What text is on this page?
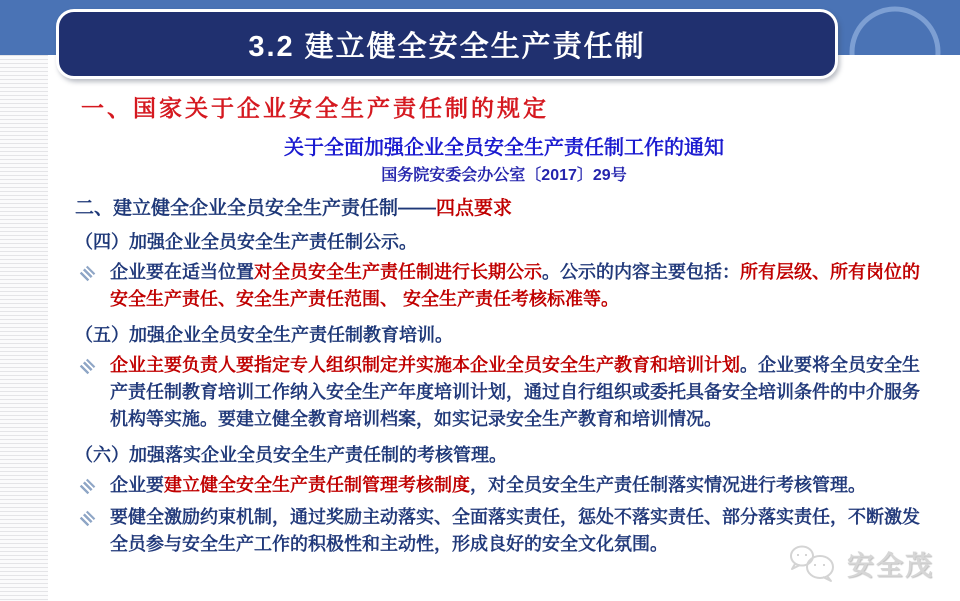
3.2 建立健全安全生产责任制
一、国家关于企业安全生产责任制的规定
关于全面加强企业全员安全生产责任制工作的通知
国务院安委会办公室〔2017〕29号
二、建立健全企业全员安全生产责任制——四点要求
（四）加强企业全员安全生产责任制公示。
企业要在适当位置对全员安全生产责任制进行长期公示。公示的内容主要包括：所有层级、所有岗位的安全生产责任、安全生产责任范围、 安全生产责任考核标准等。
（五）加强企业全员安全生产责任制教育培训。
企业主要负责人要指定专人组织制定并实施本企业全员安全生产教育和培训计划。企业要将全员安全生产责任制教育培训工作纳入安全生产年度培训计划，通过自行组织或委托具备安全培训条件的中介服务机构等实施。要建立健全教育培训档案，如实记录安全生产教育和培训情况。
（六）加强落实企业全员安全生产责任制的考核管理。
企业要建立健全安全生产责任制管理考核制度，对全员安全生产责任制落实情况进行考核管理。
要健全激励约束机制，通过奖励主动落实、全面落实责任，惩处不落实责任、部分落实责任，不断激发全员参与安全生产工作的积极性和主动性，形成良好的安全文化氛围。
安全茂
